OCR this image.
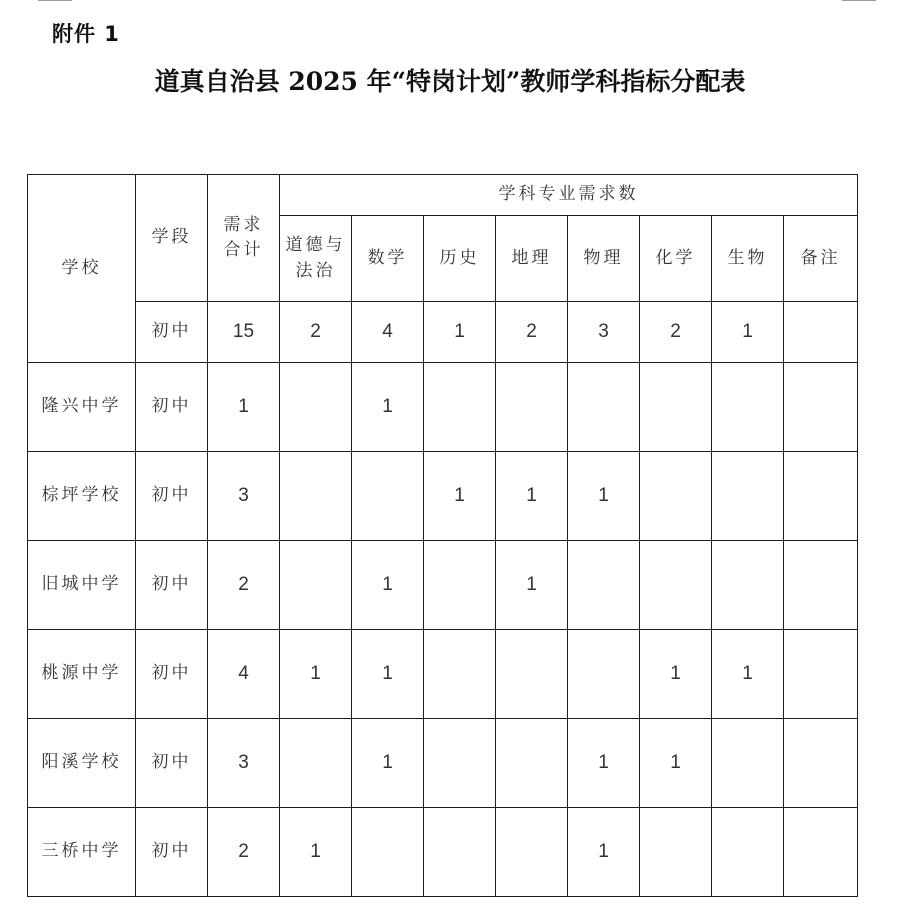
附件 1
道真自治县 2025 年“特岗计划”教师学科指标分配表
学校	学段	需求合计	学科专业需求数							
			道德与法治	数学	历史	地理	物理	化学	生物	备注
	初中	15	2	4	1	2	3	2	1	
隆兴中学	初中	1		1						
棕坪学校	初中	3			1	1	1			
旧城中学	初中	2		1		1				
桃源中学	初中	4	1	1				1	1	
阳溪学校	初中	3		1			1	1		
三桥中学	初中	2	1				1			
